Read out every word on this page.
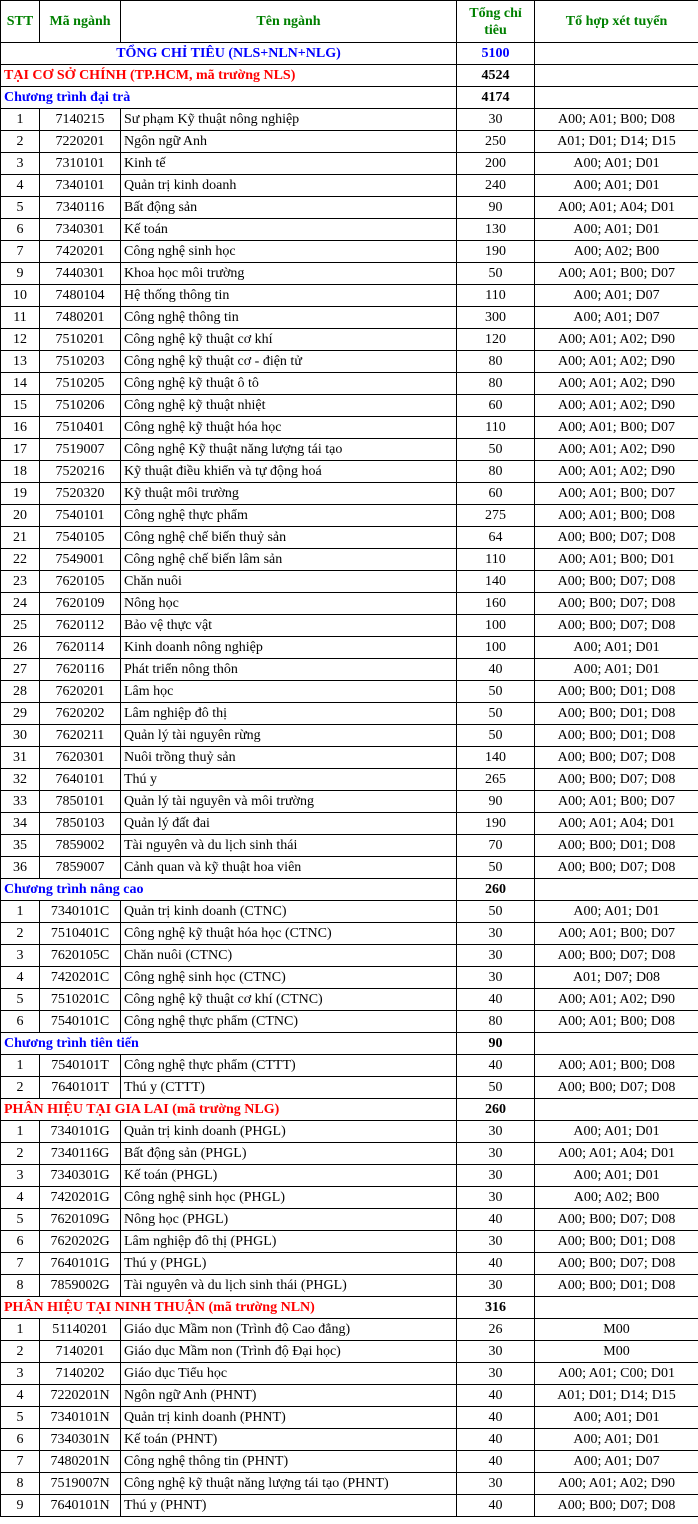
STT	Mã ngành	Tên ngành	Tổng chỉ tiêu	Tổ hợp xét tuyển
TỔNG CHỈ TIÊU (NLS+NLN+NLG)			5100	
TẠI CƠ SỞ CHÍNH (TP.HCM, mã trường NLS)			4524	
Chương trình đại trà			4174	
1	7140215	Sư phạm Kỹ thuật nông nghiệp	30	A00; A01; B00; D08
2	7220201	Ngôn ngữ Anh	250	A01; D01; D14; D15
3	7310101	Kinh tế	200	A00; A01; D01
4	7340101	Quản trị kinh doanh	240	A00; A01; D01
5	7340116	Bất động sản	90	A00; A01; A04; D01
6	7340301	Kế toán	130	A00; A01; D01
7	7420201	Công nghệ sinh học	190	A00; A02; B00
9	7440301	Khoa học môi trường	50	A00; A01; B00; D07
10	7480104	Hệ thống thông tin	110	A00; A01; D07
11	7480201	Công nghệ thông tin	300	A00; A01; D07
12	7510201	Công nghệ kỹ thuật cơ khí	120	A00; A01; A02; D90
13	7510203	Công nghệ kỹ thuật cơ - điện tử	80	A00; A01; A02; D90
14	7510205	Công nghệ kỹ thuật ô tô	80	A00; A01; A02; D90
15	7510206	Công nghệ kỹ thuật nhiệt	60	A00; A01; A02; D90
16	7510401	Công nghệ kỹ thuật hóa học	110	A00; A01; B00; D07
17	7519007	Công nghệ Kỹ thuật năng lượng tái tạo	50	A00; A01; A02; D90
18	7520216	Kỹ thuật điều khiển và tự động hoá	80	A00; A01; A02; D90
19	7520320	Kỹ thuật môi trường	60	A00; A01; B00; D07
20	7540101	Công nghệ thực phẩm	275	A00; A01; B00; D08
21	7540105	Công nghệ chế biến thuỷ sản	64	A00; B00; D07; D08
22	7549001	Công nghệ chế biến lâm sản	110	A00; A01; B00; D01
23	7620105	Chăn nuôi	140	A00; B00; D07; D08
24	7620109	Nông học	160	A00; B00; D07; D08
25	7620112	Bảo vệ thực vật	100	A00; B00; D07; D08
26	7620114	Kinh doanh nông nghiệp	100	A00; A01; D01
27	7620116	Phát triển nông thôn	40	A00; A01; D01
28	7620201	Lâm học	50	A00; B00; D01; D08
29	7620202	Lâm nghiệp đô thị	50	A00; B00; D01; D08
30	7620211	Quản lý tài nguyên rừng	50	A00; B00; D01; D08
31	7620301	Nuôi trồng thuỷ sản	140	A00; B00; D07; D08
32	7640101	Thú y	265	A00; B00; D07; D08
33	7850101	Quản lý tài nguyên và môi trường	90	A00; A01; B00; D07
34	7850103	Quản lý đất đai	190	A00; A01; A04; D01
35	7859002	Tài nguyên và du lịch sinh thái	70	A00; B00; D01; D08
36	7859007	Cảnh quan và kỹ thuật hoa viên	50	A00; B00; D07; D08
Chương trình nâng cao			260	
1	7340101C	Quản trị kinh doanh (CTNC)	50	A00; A01; D01
2	7510401C	Công nghệ kỹ thuật hóa học (CTNC)	30	A00; A01; B00; D07
3	7620105C	Chăn nuôi (CTNC)	30	A00; B00; D07; D08
4	7420201C	Công nghệ sinh học (CTNC)	30	A01; D07; D08
5	7510201C	Công nghệ kỹ thuật cơ khí (CTNC)	40	A00; A01; A02; D90
6	7540101C	Công nghệ thực phẩm (CTNC)	80	A00; A01; B00; D08
Chương trình tiên tiến			90	
1	7540101T	Công nghệ thực phẩm (CTTT)	40	A00; A01; B00; D08
2	7640101T	Thú y (CTTT)	50	A00; B00; D07; D08
PHÂN HIỆU TẠI GIA LAI (mã trường NLG)			260	
1	7340101G	Quản trị kinh doanh (PHGL)	30	A00; A01; D01
2	7340116G	Bất động sản (PHGL)	30	A00; A01; A04; D01
3	7340301G	Kế toán (PHGL)	30	A00; A01; D01
4	7420201G	Công nghệ sinh học (PHGL)	30	A00; A02; B00
5	7620109G	Nông học (PHGL)	40	A00; B00; D07; D08
6	7620202G	Lâm nghiệp đô thị (PHGL)	30	A00; B00; D01; D08
7	7640101G	Thú y (PHGL)	40	A00; B00; D07; D08
8	7859002G	Tài nguyên và du lịch sinh thái (PHGL)	30	A00; B00; D01; D08
PHÂN HIỆU TẠI NINH THUẬN (mã trường NLN)			316	
1	51140201	Giáo dục Mầm non (Trình độ Cao đẳng)	26	M00
2	7140201	Giáo dục Mầm non (Trình độ Đại học)	30	M00
3	7140202	Giáo dục Tiểu học	30	A00; A01; C00; D01
4	7220201N	Ngôn ngữ Anh (PHNT)	40	A01; D01; D14; D15
5	7340101N	Quản trị kinh doanh (PHNT)	40	A00; A01; D01
6	7340301N	Kế toán (PHNT)	40	A00; A01; D01
7	7480201N	Công nghệ thông tin (PHNT)	40	A00; A01; D07
8	7519007N	Công nghệ kỹ thuật năng lượng tái tạo (PHNT)	30	A00; A01; A02; D90
9	7640101N	Thú y (PHNT)	40	A00; B00; D07; D08
